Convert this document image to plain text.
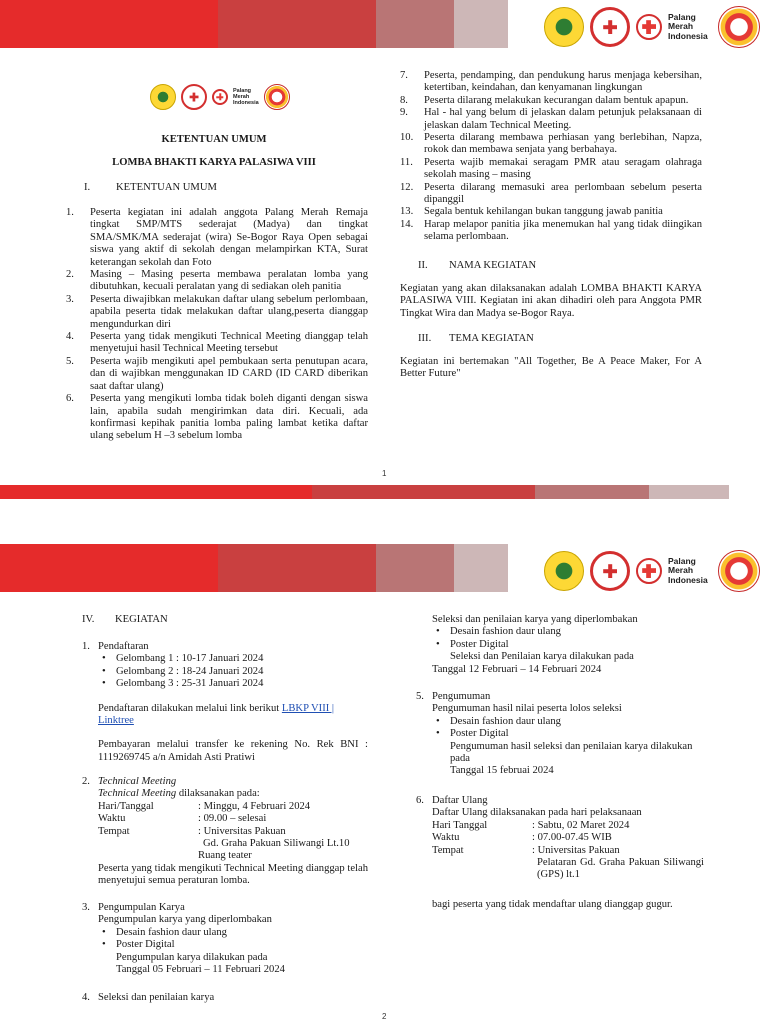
Palang
Merah
Indonesia
Palang
Merah
Indonesia
KETENTUAN UMUM
LOMBA BHAKTI KARYA PALASIWA VIII
I. KETENTUAN UMUM
1. Peserta kegiatan ini adalah anggota Palang Merah Remaja tingkat SMP/MTS sederajat (Madya) dan tingkat SMA/SMK/MA sederajat (wira) Se-Bogor Raya Open sebagai siswa yang aktif di sekolah dengan melampirkan KTA, Surat keterangan sekolah dan Foto
2. Masing – Masing peserta membawa peralatan lomba yang dibutuhkan, kecuali peralatan yang di sediakan oleh panitia
3. Peserta diwajibkan melakukan daftar ulang sebelum perlombaan, apabila peserta tidak melakukan daftar ulang,peserta dianggap mengundurkan diri
4. Peserta yang tidak mengikuti Technical Meeting dianggap telah menyetujui hasil Technical Meeting tersebut
5. Peserta wajib mengikuti apel pembukaan serta penutupan acara, dan di wajibkan menggunakan ID CARD (ID CARD diberikan saat daftar ulang)
6. Peserta yang mengikuti lomba tidak boleh diganti dengan siswa lain, apabila sudah mengirimkan data diri. Kecuali, ada konfirmasi kepihak panitia lomba paling lambat ketika daftar ulang sebelum H –3 sebelum lomba
7. Peserta, pendamping, dan pendukung harus menjaga kebersihan, ketertiban, keindahan, dan kenyamanan lingkungan
8. Peserta dilarang melakukan kecurangan dalam bentuk apapun.
9. Hal - hal yang belum di jelaskan dalam petunjuk pelaksanaan di jelaskan dalam Technical Meeting.
10. Peserta dilarang membawa perhiasan yang berlebihan, Napza, rokok dan membawa senjata yang berbahaya.
11. Peserta wajib memakai seragam PMR atau seragam olahraga sekolah masing – masing
12. Peserta dilarang memasuki area perlombaan sebelum peserta dipanggil
13. Segala bentuk kehilangan bukan tanggung jawab panitia
14. Harap melapor panitia jika menemukan hal yang tidak diingikan selama perlombaan.
II. NAMA KEGIATAN
Kegiatan yang akan dilaksanakan adalah LOMBA BHAKTI KARYA PALASIWA VIII. Kegiatan ini akan dihadiri oleh para Anggota PMR Tingkat Wira dan Madya se-Bogor Raya.
III. TEMA KEGIATAN
Kegiatan ini bertemakan "All Together, Be A Peace Maker, For A Better Future"
1
Palang
Merah
Indonesia
IV. KEGIATAN
1. Pendaftaran
• Gelombang 1 : 10-17 Januari 2024
• Gelombang 2 : 18-24 Januari 2024
• Gelombang 3 : 25-31 Januari 2024
Pendaftaran dilakukan melalui link berikut LBKP VIII |
Linktree
Pembayaran melalui transfer ke rekening No. Rek BNI : 1119269745 a/n Amidah Asti Pratiwi
2. Technical Meeting
Technical Meeting dilaksanakan pada:
Hari/Tanggal	: Minggu, 4 Februari 2024
Waktu	: 09.00 – selesai
Tempat	: Universitas Pakuan
Gd. Graha Pakuan Siliwangi Lt.10
Ruang teater
Peserta yang tidak mengikuti Technical Meeting dianggap telah menyetujui semua peraturan lomba.
3. Pengumpulan Karya
Pengumpulan karya yang diperlombakan
• Desain fashion daur ulang
• Poster Digital
Pengumpulan karya dilakukan pada
Tanggal 05 Februari – 11 Februari 2024
4. Seleksi dan penilaian karya
Seleksi dan penilaian karya yang diperlombakan
• Desain fashion daur ulang
• Poster Digital
Seleksi dan Penilaian karya dilakukan pada
Tanggal 12 Februari – 14 Februari 2024
5. Pengumuman
Pengumuman hasil nilai peserta lolos seleksi
• Desain fashion daur ulang
• Poster Digital
Pengumuman hasil seleksi dan penilaian karya dilakukan pada
Tanggal 15 februai 2024
6. Daftar Ulang
Daftar Ulang dilaksanakan pada hari pelaksanaan
Hari Tanggal	: Sabtu, 02 Maret 2024
Waktu	: 07.00-07.45 WIB
Tempat	: Universitas Pakuan
Pelataran Gd. Graha Pakuan Siliwangi (GPS) lt.1
bagi peserta yang tidak mendaftar ulang dianggap gugur.
2
